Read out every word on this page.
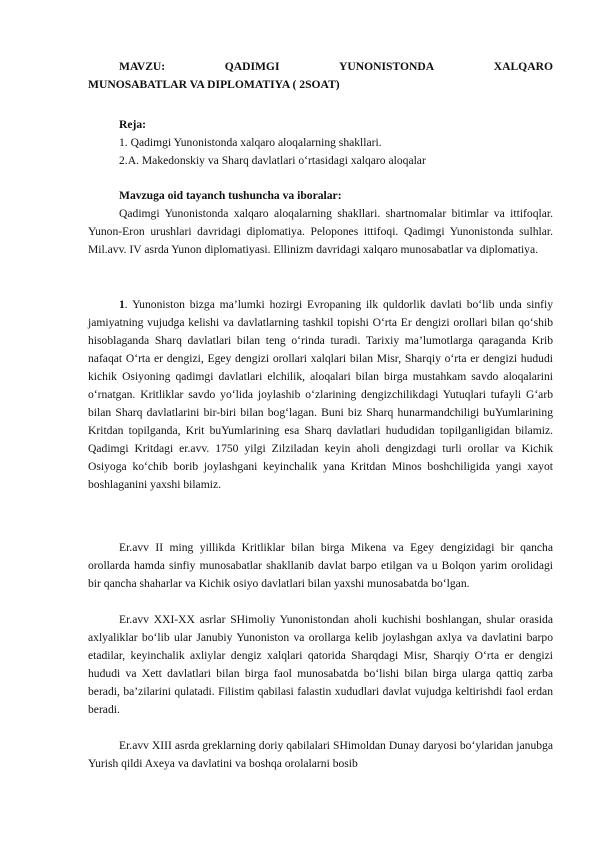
MAVZU:	QADIMGI	YUNONISTONDA	XALQARO
MUNOSABATLAR VA DIPLOMATIYA ( 2SOAT)
Reja:
1. Qadimgi Yunonistonda xalqaro aloqalarning shakllari.
2.A. Makedonskiy va Sharq davlatlari o‘rtasidagi xalqaro aloqalar
Mavzuga oid tayanch tushuncha va iboralar:

Qadimgi Yunonistonda xalqaro aloqalarning shakllari. shartnomalar bitimlar va ittifoqlar. Yunon-Eron urushlari davridagi diplomatiya. Pelopones ittifoqi. Qadimgi Yunonistonda sulhlar. Mil.avv. IV asrda Yunon diplomatiyasi. Ellinizm davridagi xalqaro munosabatlar va diplomatiya.

1. Yunoniston bizga ma’lumki hozirgi Evropaning ilk quldorlik davlati bo‘lib unda sinfiy jamiyatning vujudga kelishi va davlatlarning tashkil topishi O‘rta Er dengizi orollari bilan qo‘shib hisoblaganda Sharq davlatlari bilan teng o‘rinda turadi. Tarixiy ma’lumotlarga qaraganda Krib nafaqat O‘rta er dengizi, Egey dengizi orollari xalqlari bilan Misr, Sharqiy o‘rta er dengizi hududi kichik Osiyoning qadimgi davlatlari elchilik, aloqalari bilan birga mustahkam savdo aloqalarini o‘rnatgan. Kritliklar savdo yo‘lida joylashib o‘zlarining dengizchilikdagi Yutuqlari tufayli G‘arb bilan Sharq davlatlarini bir-biri bilan bog‘lagan. Buni biz Sharq hunarmandchiligi buYumlarining Kritdan topilganda, Krit buYumlarining esa Sharq davlatlari hududidan topilganligidan bilamiz. Qadimgi Kritdagi er.avv. 1750 yilgi Zilziladan keyin aholi dengizdagi turli orollar va Kichik Osiyoga ko‘chib borib joylashgani keyinchalik yana Kritdan Minos boshchiligida yangi xayot boshlaganini yaxshi bilamiz.

Er.avv II ming yillikda Kritliklar bilan birga Mikena va Egey dengizidagi bir qancha orollarda hamda sinfiy munosabatlar shakllanib davlat barpo etilgan va u Bolqon yarim orolidagi bir qancha shaharlar va Kichik osiyo davlatlari bilan yaxshi munosabatda bo‘lgan.

Er.avv XXI-XX asrlar SHimoliy Yunonistondan aholi kuchishi boshlangan, shular orasida axlyaliklar bo‘lib ular Janubiy Yunoniston va orollarga kelib joylashgan axlya va davlatini barpo etadilar, keyinchalik axliylar dengiz xalqlari qatorida Sharqdagi Misr, Sharqiy O‘rta er dengizi hududi va Xett davlatlari bilan birga faol munosabatda bo‘lishi bilan birga ularga qattiq zarba beradi, ba’zilarini qulatadi. Filistim qabilasi falastin xududlari davlat vujudga keltirishdi faol erdan beradi.

Er.avv XIII asrda greklarning doriy qabilalari SHimoldan Dunay daryosi bo‘ylaridan janubga Yurish qildi Axeya va davlatini va boshqa orolalarni bosib
